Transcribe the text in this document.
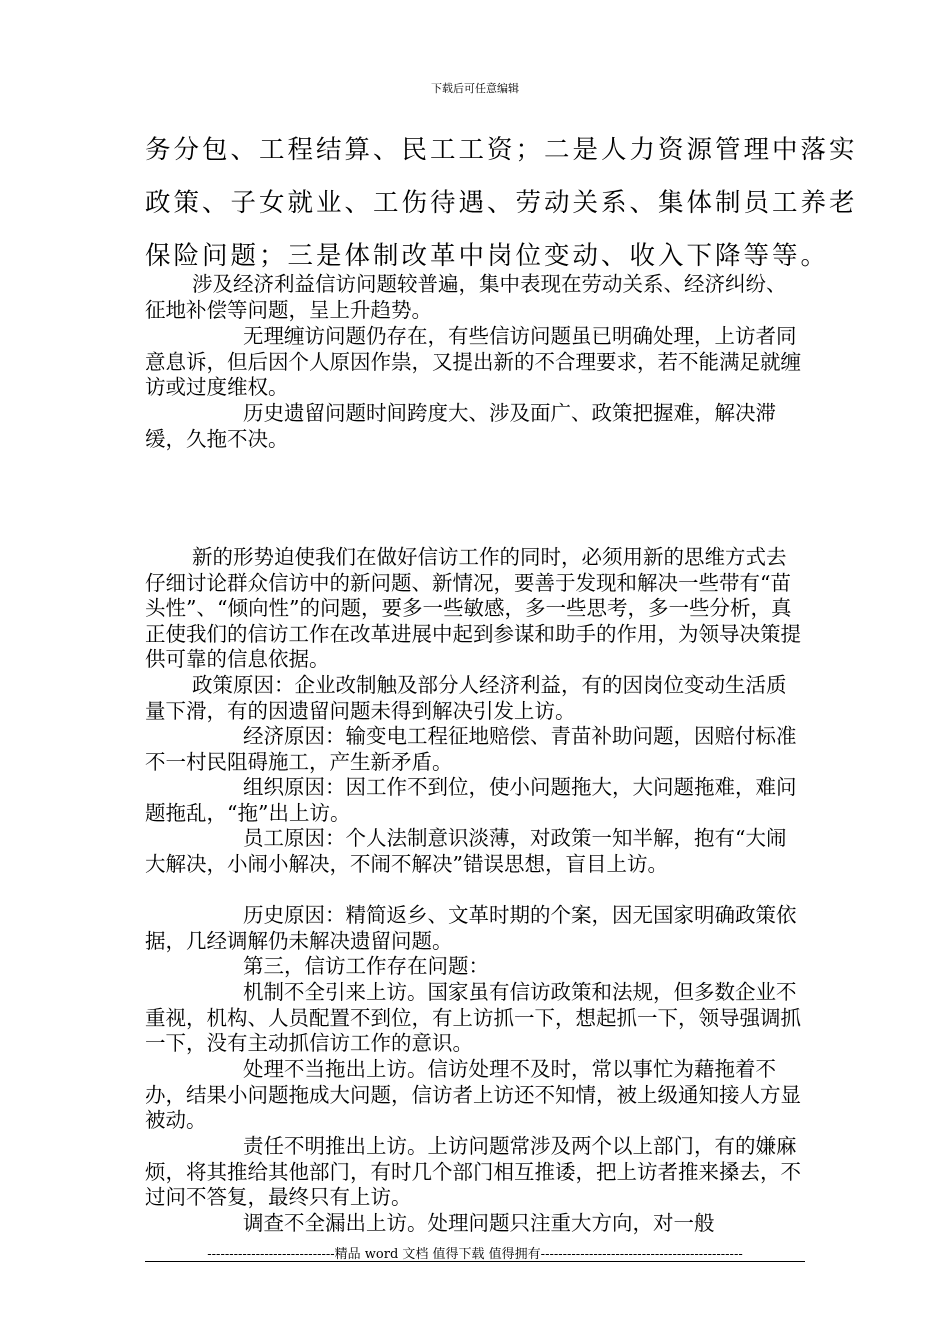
下载后可任意编辑
务分包、工程结算、民工工资；二是人力资源管理中落实
政策、子女就业、工伤待遇、劳动关系、集体制员工养老
保险问题；三是体制改革中岗位变动、收入下降等等。

涉及经济利益信访问题较普遍，集中表现在劳动关系、经济纠纷、征地补偿等问题，呈上升趋势。

无理缠访问题仍存在，有些信访问题虽已明确处理，上访者同意息诉，但后因个人原因作祟，又提出新的不合理要求，若不能满足就缠访或过度维权。

历史遗留问题时间跨度大、涉及面广、政策把握难，解决滞缓，久拖不决。

新的形势迫使我们在做好信访工作的同时，必须用新的思维方式去仔细讨论群众信访中的新问题、新情况，要善于发现和解决一些带有“苗头性”、“倾向性”的问题，要多一些敏感，多一些思考，多一些分析，真正使我们的信访工作在改革进展中起到参谋和助手的作用，为领导决策提供可靠的信息依据。

政策原因：企业改制触及部分人经济利益，有的因岗位变动生活质量下滑，有的因遗留问题未得到解决引发上访。

经济原因：输变电工程征地赔偿、青苗补助问题，因赔付标准不一村民阻碍施工，产生新矛盾。

组织原因：因工作不到位，使小问题拖大，大问题拖难，难问题拖乱，“拖”出上访。

员工原因：个人法制意识淡薄，对政策一知半解，抱有“大闹大解决，小闹小解决，不闹不解决”错误思想，盲目上访。

历史原因：精简返乡、文革时期的个案，因无国家明确政策依据，几经调解仍未解决遗留问题。

第三，信访工作存在问题：

机制不全引来上访。国家虽有信访政策和法规，但多数企业不重视，机构、人员配置不到位，有上访抓一下，想起抓一下，领导强调抓一下，没有主动抓信访工作的意识。

处理不当拖出上访。信访处理不及时，常以事忙为藉拖着不办，结果小问题拖成大问题，信访者上访还不知情，被上级通知接人方显被动。

责任不明推出上访。上访问题常涉及两个以上部门，有的嫌麻烦，将其推给其他部门，有时几个部门相互推诿，把上访者推来搡去，不过问不答复，最终只有上访。

调查不全漏出上访。处理问题只注重大方向，对一般

-----------------------------精品 word 文档 值得下载 值得拥有----------------------------------------------
